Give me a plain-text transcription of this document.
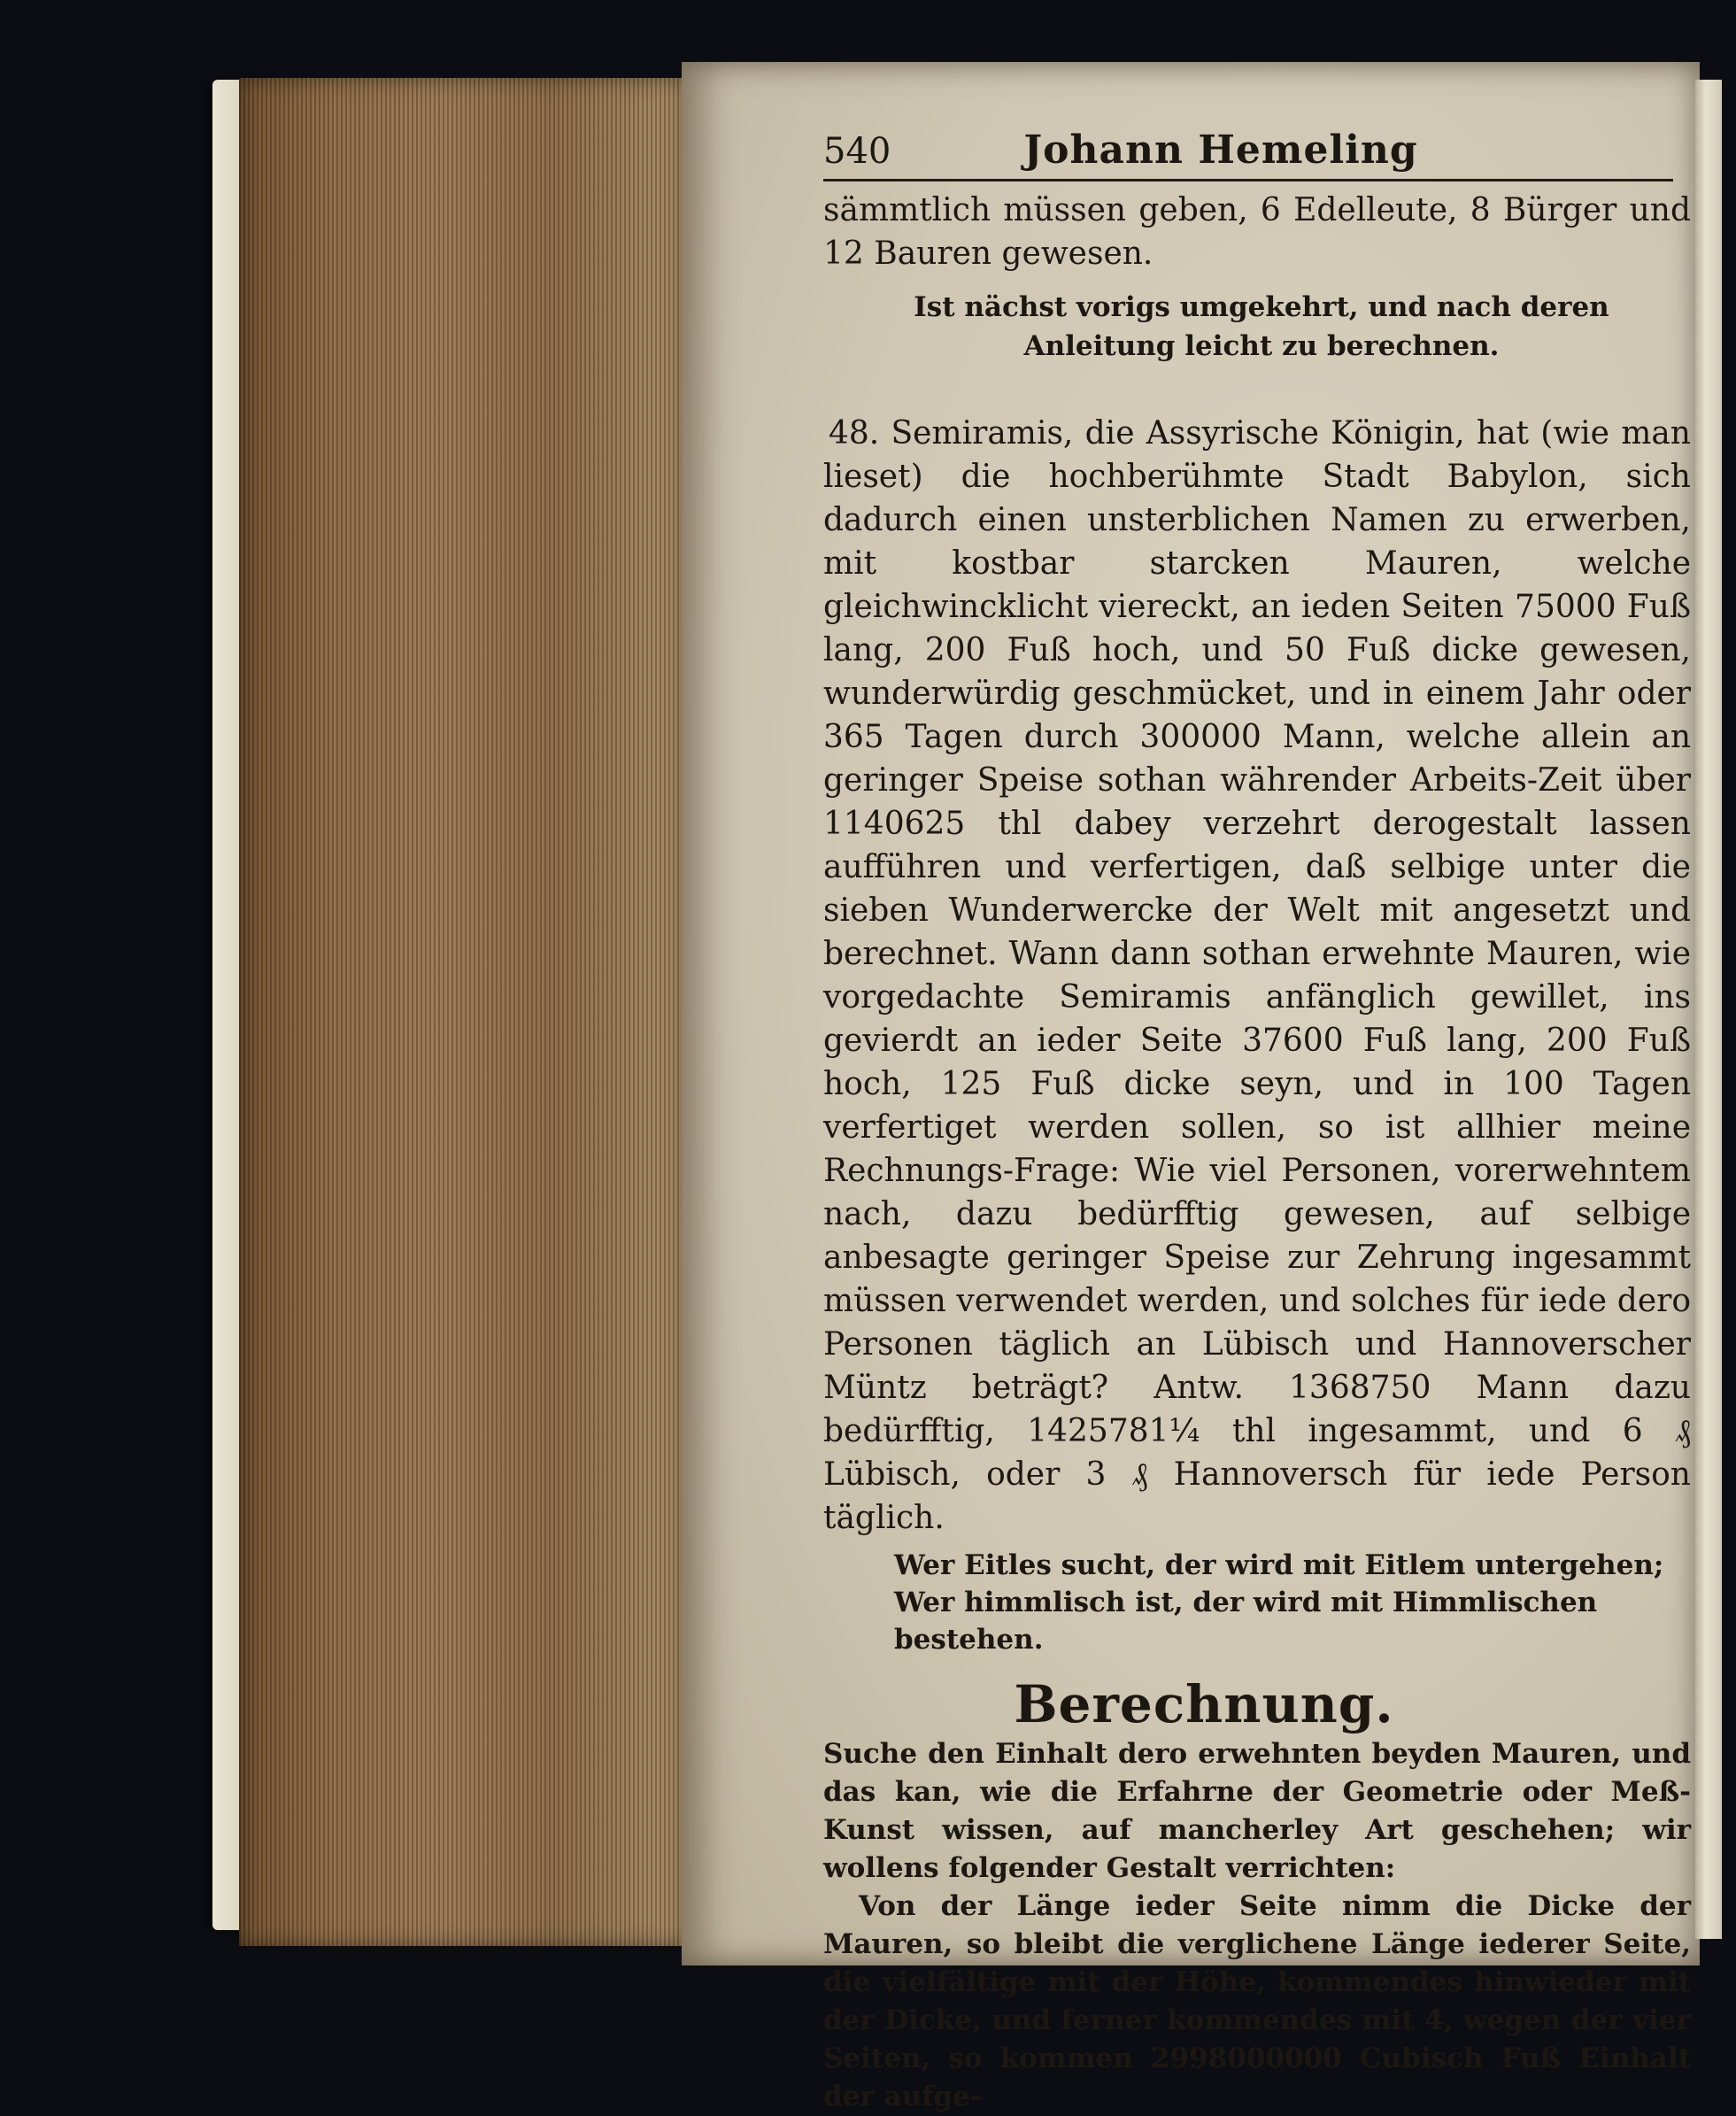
540	Johann Hemeling

sämmtlich müssen geben, 6 Edelleute, 8 Bürger und 12 Bauren gewesen.

Ist nächst vorigs umgekehrt, und nach deren Anleitung leicht zu berechnen.

48. Semiramis, die Assyrische Königin, hat (wie man lieset) die hochberühmte Stadt Babylon, sich dadurch einen unsterblichen Namen zu erwerben, mit kostbar starcken Mauren, welche gleichwincklicht viereckt, an ieden Seiten 75000 Fuß lang, 200 Fuß hoch, und 50 Fuß dicke gewesen, wunderwürdig geschmücket, und in einem Jahr oder 365 Tagen durch 300000 Mann, welche allein an geringer Speise sothan währender Arbeits-Zeit über 1140625 thl dabey verzehrt derogestalt lassen aufführen und verfertigen, daß selbige unter die sieben Wunderwercke der Welt mit angesetzt und berechnet. Wann dann sothan erwehnte Mauren, wie vorgedachte Semiramis anfänglich gewillet, ins gevierdt an ieder Seite 37600 Fuß lang, 200 Fuß hoch, 125 Fuß dicke seyn, und in 100 Tagen verfertiget werden sollen, so ist allhier meine Rechnungs-Frage: Wie viel Personen, vorerwehntem nach, dazu bedürfftig gewesen, auf selbige anbesagte geringer Speise zur Zehrung ingesammt müssen verwendet werden, und solches für iede dero Personen täglich an Lübisch und Hannoverscher Müntz beträgt? Antw. 1368750 Mann dazu bedürfftig, 1425781¼ thl ingesammt, und 6 ₰ Lübisch, oder 3 ₰ Hannoversch für iede Person täglich.

Wer Eitles sucht, der wird mit Eitlem untergehen;
Wer himmlisch ist, der wird mit Himmlischen bestehen.
Berechnung.

Suche den Einhalt dero erwehnten beyden Mauren, und das kan, wie die Erfahrne der Geometrie oder Meß-Kunst wissen, auf mancherley Art geschehen; wir wollens folgender Gestalt verrichten:

Von der Länge ieder Seite nimm die Dicke der Mauren, so bleibt die verglichene Länge iederer Seite, die vielfältige mit der Höhe, kommendes hinwieder mit der Dicke, und ferner kommendes mit 4, wegen der vier Seiten, so kommen 2998000000 Cubisch Fuß Einhalt der aufge-
